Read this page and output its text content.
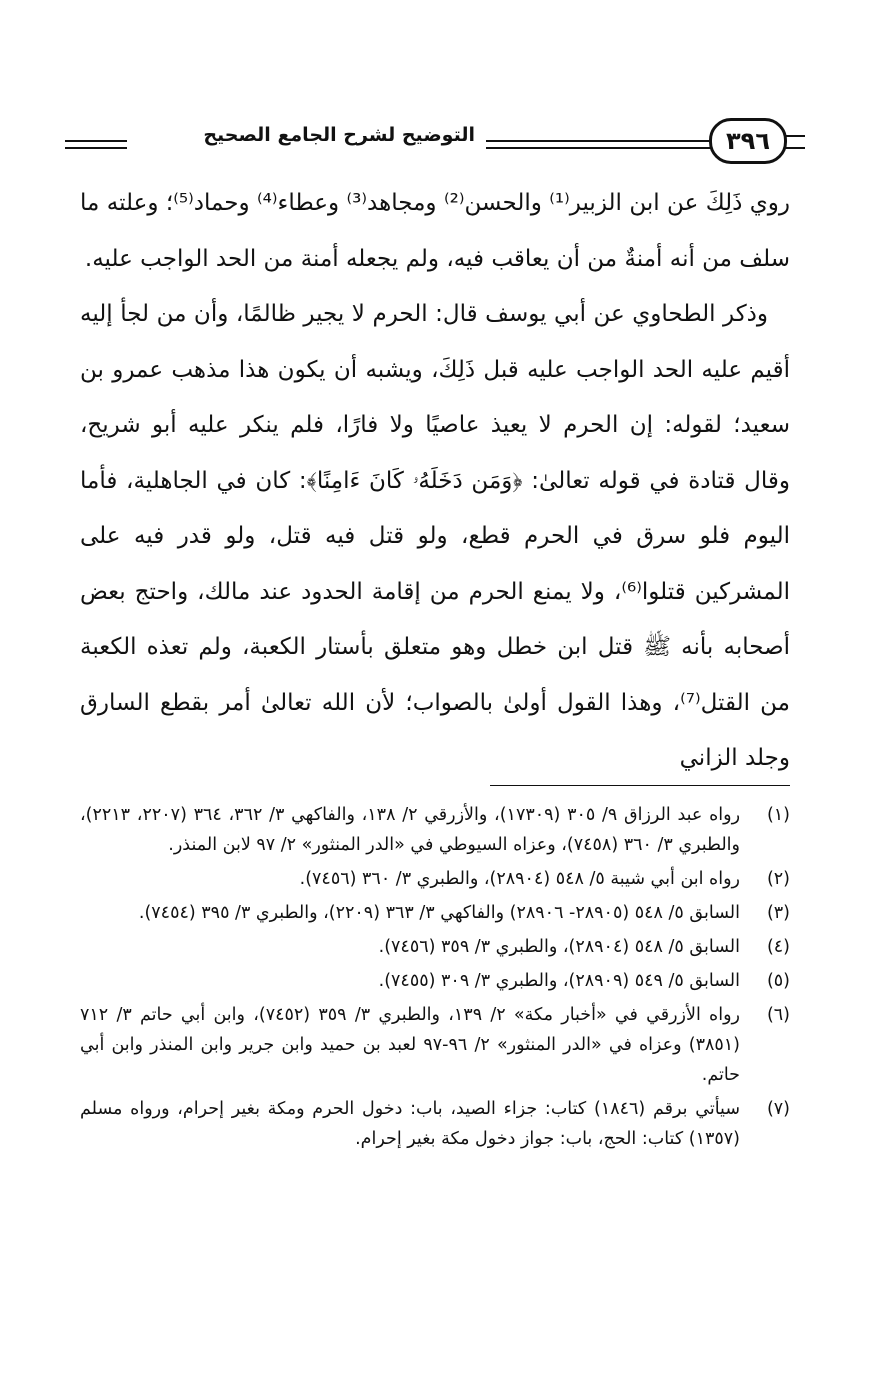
التوضيح لشرح الجامع الصحيح	٣٩٦

روي ذَلِكَ عن ابن الزبير⁽¹⁾ والحسن⁽²⁾ ومجاهد⁽³⁾ وعطاء⁽⁴⁾ وحماد⁽⁵⁾؛ وعلته ما سلف من أنه أمنةٌ من أن يعاقب فيه، ولم يجعله أمنة من الحد الواجب عليه.

وذكر الطحاوي عن أبي يوسف قال: الحرم لا يجير ظالمًا، وأن من لجأ إليه أقيم عليه الحد الواجب عليه قبل ذَلِكَ، ويشبه أن يكون هذا مذهب عمرو بن سعيد؛ لقوله: إن الحرم لا يعيذ عاصيًا ولا فارًا، فلم ينكر عليه أبو شريح، وقال قتادة في قوله تعالىٰ: ﴿وَمَن دَخَلَهُۥ كَانَ ءَامِنًا﴾: كان في الجاهلية، فأما اليوم فلو سرق في الحرم قطع، ولو قتل فيه قتل، ولو قدر فيه على المشركين قتلوا⁽⁶⁾، ولا يمنع الحرم من إقامة الحدود عند مالك، واحتج بعض أصحابه بأنه ﷺ قتل ابن خطل وهو متعلق بأستار الكعبة، ولم تعذه الكعبة من القتل⁽⁷⁾، وهذا القول أولىٰ بالصواب؛ لأن الله تعالىٰ أمر بقطع السارق وجلد الزاني

(١)
رواه عبد الرزاق ٩/ ٣٠٥ (١٧٣٠٩)، والأزرقي ٢/ ١٣٨، والفاكهي ٣/ ٣٦٢، ٣٦٤ (٢٢٠٧، ٢٢١٣)، والطبري ٣/ ٣٦٠ (٧٤٥٨)، وعزاه السيوطي في «الدر المنثور» ٢/ ٩٧ لابن المنذر.
(٢)
رواه ابن أبي شيبة ٥/ ٥٤٨ (٢٨٩٠٤)، والطبري ٣/ ٣٦٠ (٧٤٥٦).
(٣)
السابق ٥/ ٥٤٨ (٢٨٩٠٥- ٢٨٩٠٦) والفاكهي ٣/ ٣٦٣ (٢٢٠٩)، والطبري ٣/ ٣٩٥ (٧٤٥٤).
(٤)
السابق ٥/ ٥٤٨ (٢٨٩٠٤)، والطبري ٣/ ٣٥٩ (٧٤٥٦).
(٥)
السابق ٥/ ٥٤٩ (٢٨٩٠٩)، والطبري ٣/ ٣٠٩ (٧٤٥٥).
(٦)
رواه الأزرقي في «أخبار مكة» ٢/ ١٣٩، والطبري ٣/ ٣٥٩ (٧٤٥٢)، وابن أبي حاتم ٣/ ٧١٢ (٣٨٥١) وعزاه في «الدر المنثور» ٢/ ٩٦-٩٧ لعبد بن حميد وابن جرير وابن المنذر وابن أبي حاتم.
(٧)
سيأتي برقم (١٨٤٦) كتاب: جزاء الصيد، باب: دخول الحرم ومكة بغير إحرام، ورواه مسلم (١٣٥٧) كتاب: الحج، باب: جواز دخول مكة بغير إحرام.
